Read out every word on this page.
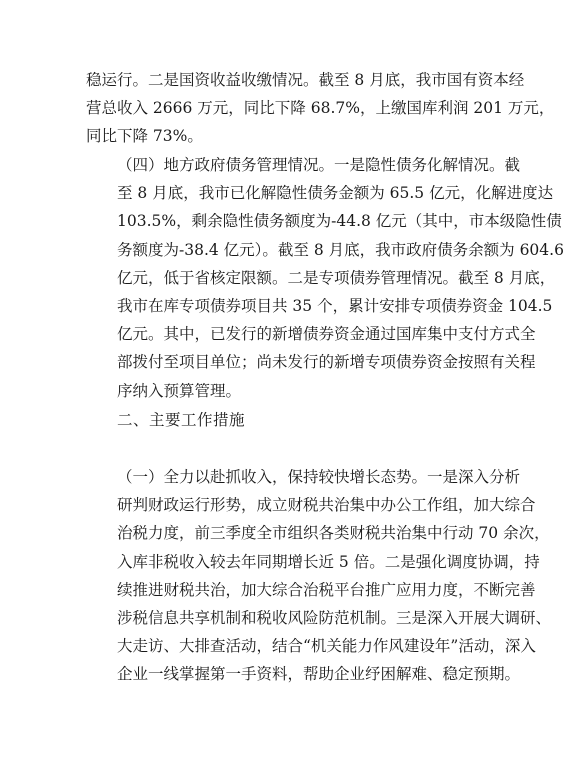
稳运行。二是国资收益收缴情况。截至 8 月底，我市国有资本经
营总收入 2666 万元，同比下降 68.7%，上缴国库利润 201 万元，
同比下降 73%。
（四）地方政府债务管理情况。一是隐性债务化解情况。截
至 8 月底，我市已化解隐性债务金额为 65.5 亿元，化解进度达
103.5%，剩余隐性债务额度为-44.8 亿元（其中，市本级隐性债
务额度为-38.4 亿元）。截至 8 月底，我市政府债务余额为 604.6
亿元，低于省核定限额。二是专项债券管理情况。截至 8 月底，
我市在库专项债券项目共 35 个，累计安排专项债券资金 104.5
亿元。其中，已发行的新增债券资金通过国库集中支付方式全
部拨付至项目单位；尚未发行的新增专项债券资金按照有关程
序纳入预算管理。
二、主要工作措施
（一）全力以赴抓收入，保持较快增长态势。一是深入分析
研判财政运行形势，成立财税共治集中办公工作组，加大综合
治税力度，前三季度全市组织各类财税共治集中行动 70 余次，
入库非税收入较去年同期增长近 5 倍。二是强化调度协调，持
续推进财税共治，加大综合治税平台推广应用力度，不断完善
涉税信息共享机制和税收风险防范机制。三是深入开展大调研、
大走访、大排查活动，结合“机关能力作风建设年”活动，深入
企业一线掌握第一手资料，帮助企业纾困解难、稳定预期。
